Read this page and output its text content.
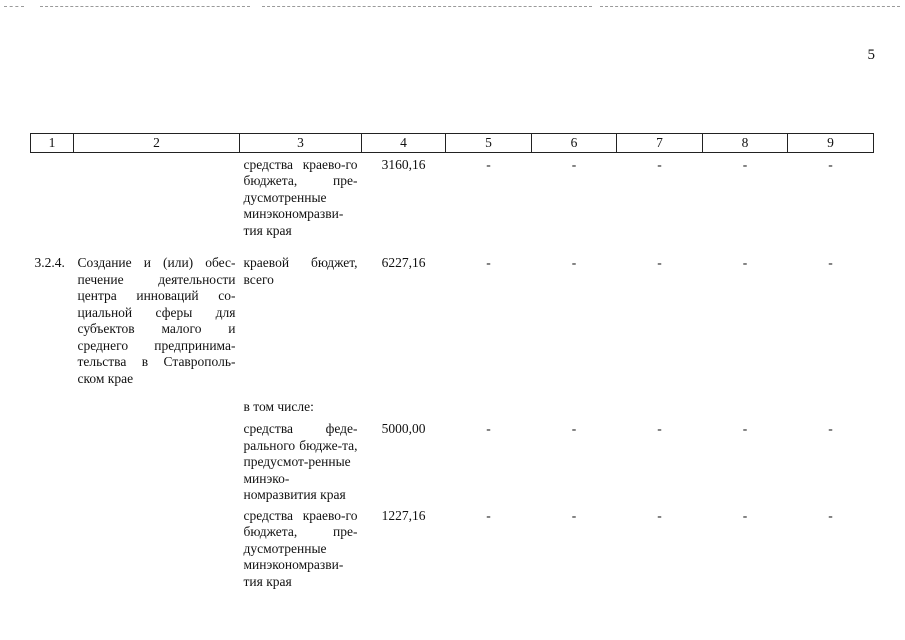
5
1	2	3	4	5	6	7	8	9
		средства краево-го бюджета, пре-дусмотренные минэкономразви-тия края	3160,16	-	-	-	-	-
3.2.4.	Создание и (или) обес-печение деятельности центра инноваций со-циальной сферы для субъектов малого и среднего предпринима-тельства в Ставрополь-ском крае	краевой бюджет, всего	6227,16	-	-	-	-	-
		в том числе:						
		средства феде-рального бюдже-та, предусмот-ренные минэко-номразвития края	5000,00	-	-	-	-	-
		средства краево-го бюджета, пре-дусмотренные минэкономразви-тия края	1227,16	-	-	-	-	-
